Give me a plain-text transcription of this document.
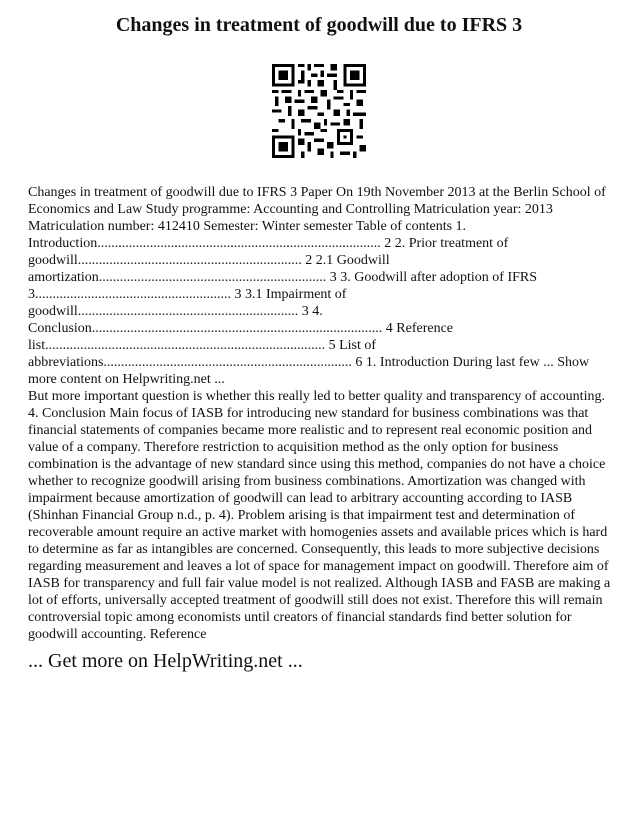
Changes in treatment of goodwill due to IFRS 3

Changes in treatment of goodwill due to IFRS 3 Paper On 19th November 2013 at the Berlin School of Economics and Law Study programme: Accounting and Controlling Matriculation year: 2013 Matriculation number: 412410 Semester: Winter semester Table of contents 1. Introduction................................................................................. 2 2. Prior treatment of goodwill................................................................ 2 2.1 Goodwill amortization................................................................. 3 3. Goodwill after adoption of IFRS 3........................................................ 3 3.1 Impairment of goodwill............................................................... 3 4. Conclusion................................................................................... 4 Reference list................................................................................ 5 List of abbreviations....................................................................... 6 1. Introduction During last few ... Show more content on Helpwriting.net ...

But more important question is whether this really led to better quality and transparency of accounting. 4. Conclusion Main focus of IASB for introducing new standard for business combinations was that financial statements of companies became more realistic and to represent real economic position and value of a company. Therefore restriction to acquisition method as the only option for business combination is the advantage of new standard since using this method, companies do not have a choice whether to recognize goodwill arising from business combinations. Amortization was changed with impairment because amortization of goodwill can lead to arbitrary accounting according to IASB (Shinhan Financial Group n.d., p. 4). Problem arising is that impairment test and determination of recoverable amount require an active market with homogenies assets and available prices which is hard to determine as far as intangibles are concerned. Consequently, this leads to more subjective decisions regarding measurement and leaves a lot of space for management impact on goodwill. Therefore aim of IASB for transparency and full fair value model is not realized. Although IASB and FASB are making a lot of efforts, universally accepted treatment of goodwill still does not exist. Therefore this will remain controversial topic among economists until creators of financial standards find better solution for goodwill accounting. Reference

... Get more on HelpWriting.net ...
